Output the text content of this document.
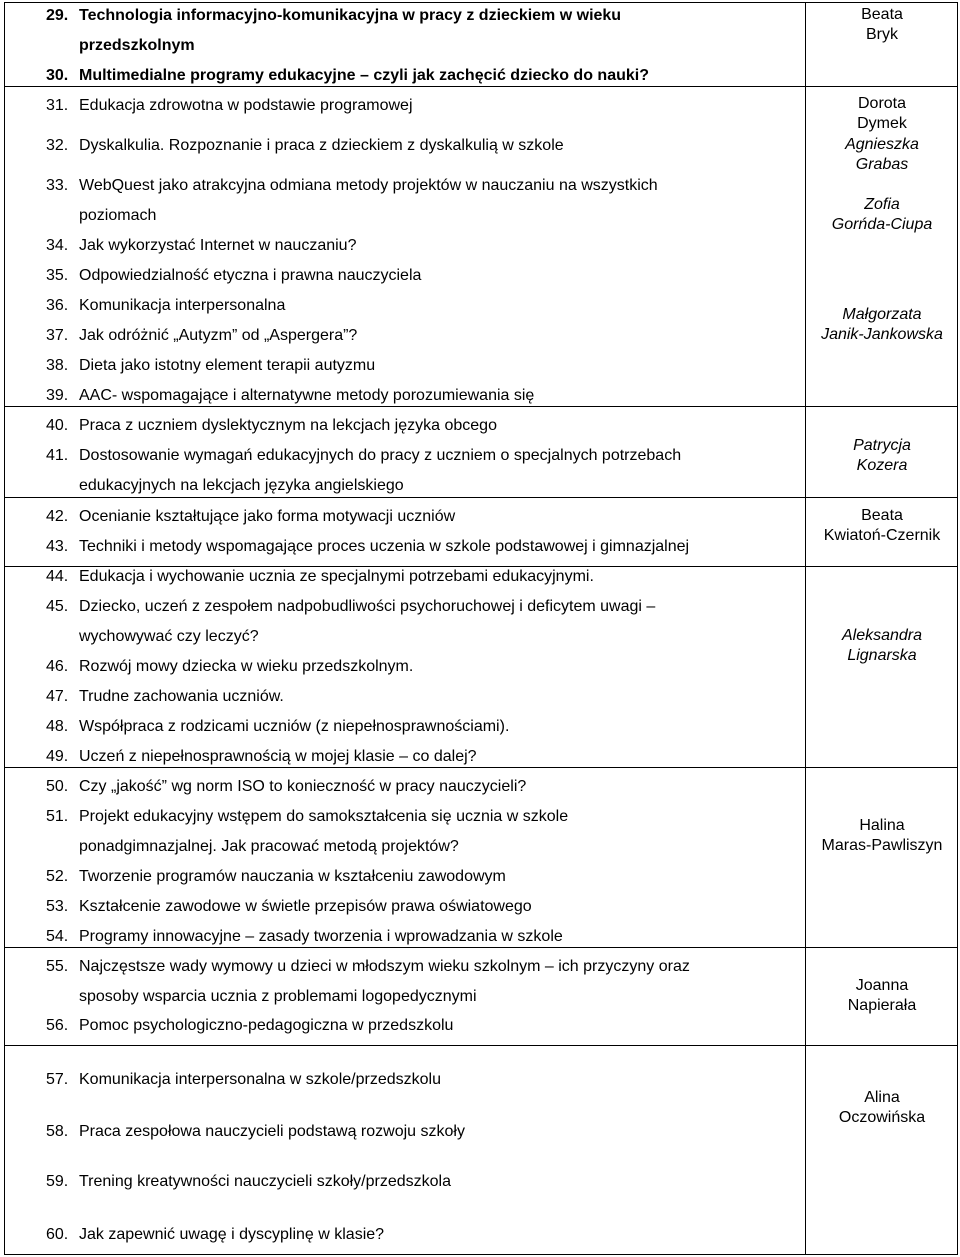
29. Technologia informacyjno-komunikacyjna w pracy z dzieckiem w wieku
przedszkolnym
30. Multimedialne programy edukacyjne – czyli jak zachęcić dziecko do nauki?
Beata
Bryk
31. Edukacja zdrowotna w podstawie programowej	Dorota
Dymek
32. Dyskalkulia. Rozpoznanie i praca z dzieckiem z dyskalkulią w szkole	Agnieszka
Grabas
33. WebQuest jako atrakcyjna odmiana metody projektów w nauczaniu na wszystkich
poziomach
34. Jak wykorzystać Internet w nauczaniu?
Zofia
Gorńda-Ciupa
35. Odpowiedzialność etyczna i prawna nauczyciela
36. Komunikacja interpersonalna
37. Jak odróżnić „Autyzm” od „Aspergera”?
38. Dieta jako istotny element terapii autyzmu
39. AAC- wspomagające i alternatywne metody porozumiewania się
Małgorzata
Janik-Jankowska
40. Praca z uczniem dyslektycznym na lekcjach języka obcego
41. Dostosowanie wymagań edukacyjnych do pracy z uczniem o specjalnych potrzebach
edukacyjnych na lekcjach języka angielskiego
Patrycja
Kozera
42. Ocenianie kształtujące jako forma motywacji uczniów
43. Techniki i metody wspomagające proces uczenia w szkole podstawowej i gimnazjalnej
Beata
Kwiatoń-Czernik
44. Edukacja i wychowanie ucznia ze specjalnymi potrzebami edukacyjnymi.
45. Dziecko, uczeń z zespołem nadpobudliwości psychoruchowej i deficytem uwagi –
wychowywać czy leczyć?
46. Rozwój mowy dziecka w wieku przedszkolnym.
47. Trudne zachowania uczniów.
48. Współpraca z rodzicami uczniów (z niepełnosprawnościami).
49. Uczeń z niepełnosprawnością w mojej klasie – co dalej?
Aleksandra
Lignarska
50. Czy „jakość” wg norm ISO to konieczność w pracy nauczycieli?
51. Projekt edukacyjny wstępem do samokształcenia się ucznia w szkole
ponadgimnazjalnej. Jak pracować metodą projektów?
52. Tworzenie programów nauczania w kształceniu zawodowym
53. Kształcenie zawodowe w świetle przepisów prawa oświatowego
54. Programy innowacyjne – zasady tworzenia i wprowadzania w szkole
Halina
Maras-Pawliszyn
55. Najczęstsze wady wymowy u dzieci w młodszym wieku szkolnym – ich przyczyny oraz
sposoby wsparcia ucznia z problemami logopedycznymi
56. Pomoc psychologiczno-pedagogiczna w przedszkolu
Joanna
Napierała
57. Komunikacja interpersonalna w szkole/przedszkolu
58. Praca zespołowa nauczycieli podstawą rozwoju szkoły
59. Trening kreatywności nauczycieli szkoły/przedszkola
60. Jak zapewnić uwagę i dyscyplinę w klasie?
Alina
Oczowińska
